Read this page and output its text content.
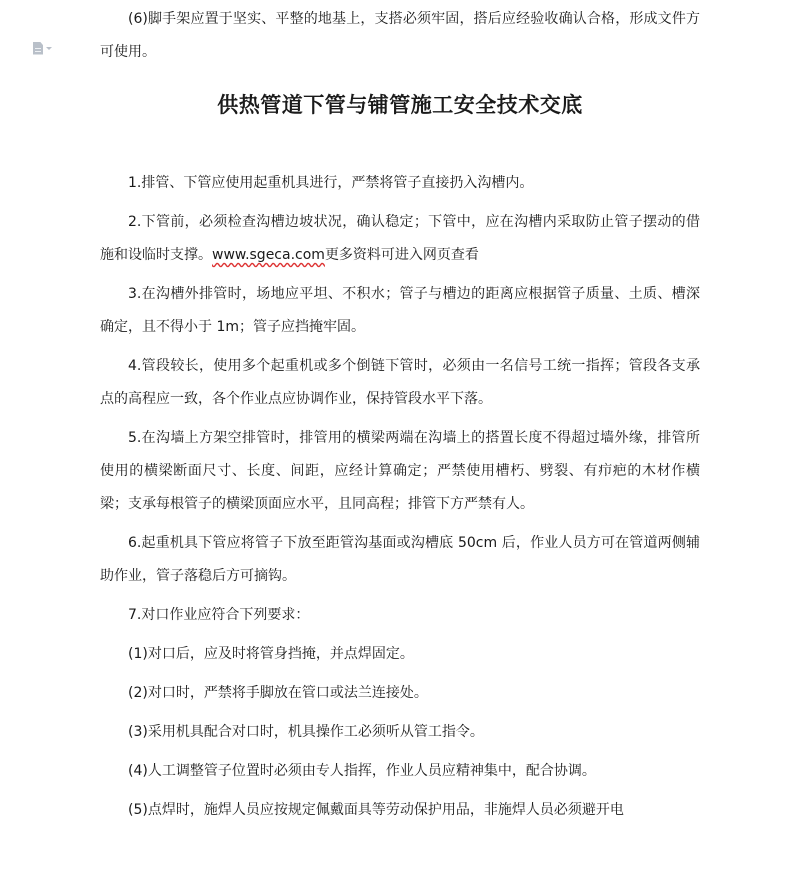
(6)脚手架应置于坚实、平整的地基上，支搭必须牢固，搭后应经验收确认合格，形成文件方可使用。

供热管道下管与铺管施工安全技术交底

1.排管、下管应使用起重机具进行，严禁将管子直接扔入沟槽内。

2.下管前，必须检查沟槽边坡状况，确认稳定；下管中，应在沟槽内采取防止管子摆动的借施和设临时支撑。www.sgeca.com更多资料可进入网页查看

3.在沟槽外排管时，场地应平坦、不积水；管子与槽边的距离应根据管子质量、土质、槽深确定，且不得小于 1m；管子应挡掩牢固。

4.管段较长，使用多个起重机或多个倒链下管时，必须由一名信号工统一指挥；管段各支承点的高程应一致，各个作业点应协调作业，保持管段水平下落。

5.在沟墙上方架空排管时，排管用的横梁两端在沟墙上的搭置长度不得超过墙外缘，排管所使用的横梁断面尺寸、长度、间距，应经计算确定；严禁使用槽朽、劈裂、有疖疤的木材作横梁；支承每根管子的横梁顶面应水平，且同高程；排管下方严禁有人。

6.起重机具下管应将管子下放至距管沟基面或沟槽底 50cm 后，作业人员方可在管道两侧辅助作业，管子落稳后方可摘钩。

7.对口作业应符合下列要求：

(1)对口后，应及时将管身挡掩，并点焊固定。

(2)对口时，严禁将手脚放在管口或法兰连接处。

(3)采用机具配合对口时，机具操作工必须听从管工指令。

(4)人工调整管子位置时必须由专人指挥，作业人员应精神集中，配合协调。

(5)点焊时，施焊人员应按规定佩戴面具等劳动保护用品，非施焊人员必须避开电
